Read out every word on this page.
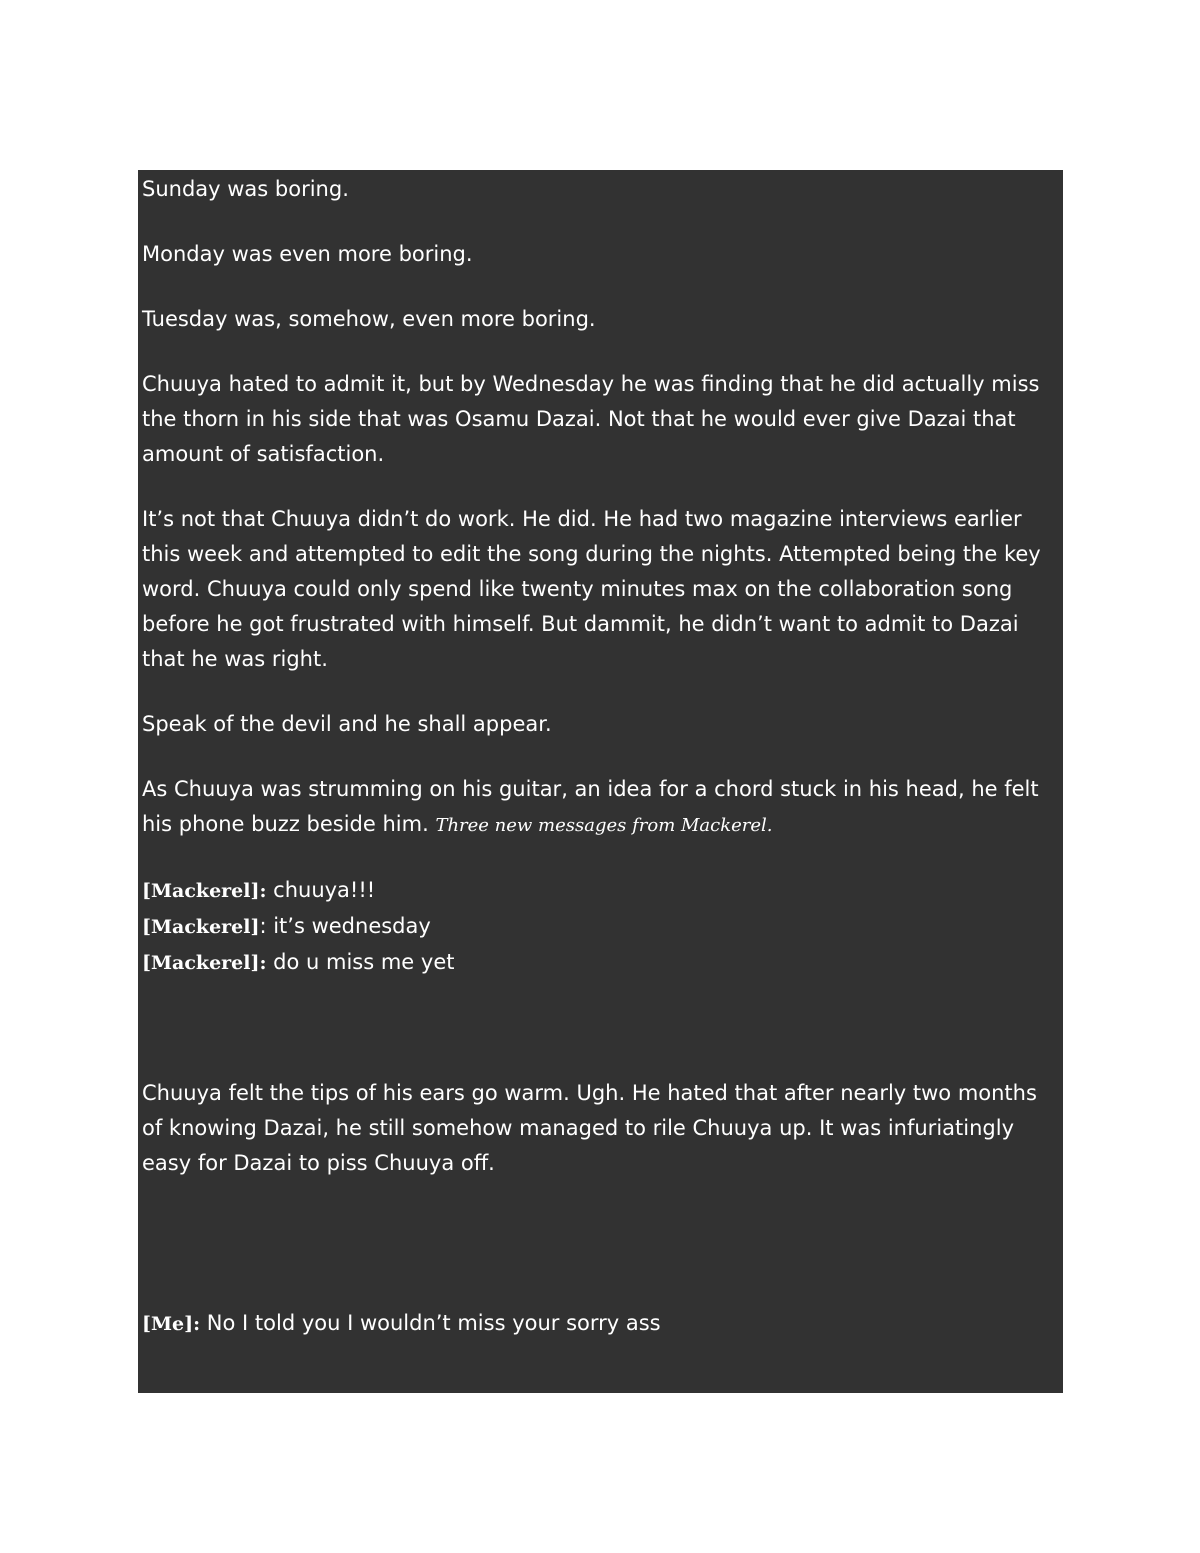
Sunday was boring.

Monday was even more boring.

Tuesday was, somehow, even more boring.

Chuuya hated to admit it, but by Wednesday he was finding that he did actually miss the thorn in his side that was Osamu Dazai. Not that he would ever give Dazai that amount of satisfaction.

It’s not that Chuuya didn’t do work. He did. He had two magazine interviews earlier this week and attempted to edit the song during the nights. Attempted being the key word. Chuuya could only spend like twenty minutes max on the collaboration song before he got frustrated with himself. But dammit, he didn’t want to admit to Dazai that he was right.

Speak of the devil and he shall appear.

As Chuuya was strumming on his guitar, an idea for a chord stuck in his head, he felt his phone buzz beside him. Three new messages from Mackerel.

[Mackerel]: chuuya!!!
[Mackerel]: it’s wednesday
[Mackerel]: do u miss me yet

Chuuya felt the tips of his ears go warm. Ugh. He hated that after nearly two months of knowing Dazai, he still somehow managed to rile Chuuya up. It was infuriatingly easy for Dazai to piss Chuuya off.

[Me]: No I told you I wouldn’t miss your sorry ass
